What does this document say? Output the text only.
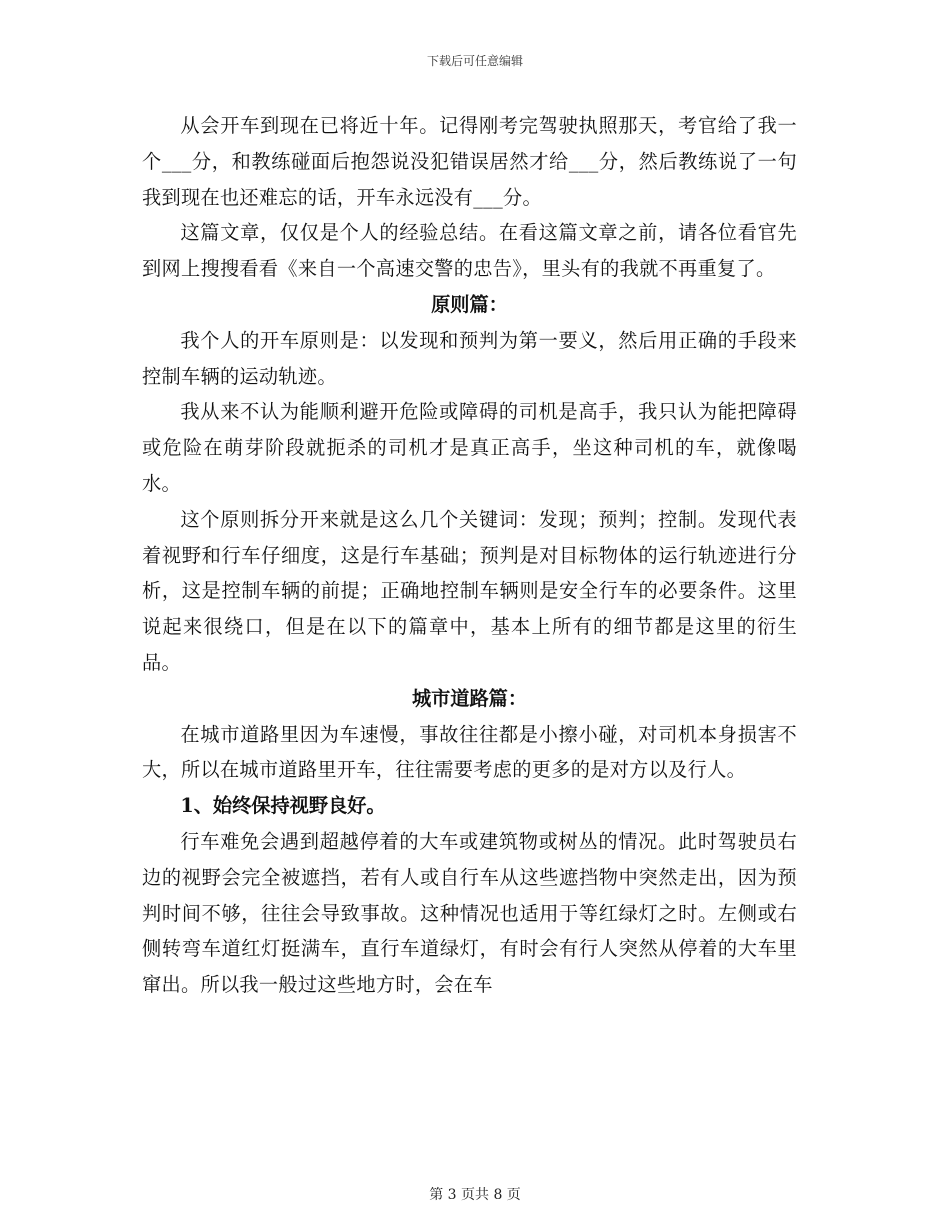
下载后可任意编辑

从会开车到现在已将近十年。记得刚考完驾驶执照那天，考官给了我一个___分，和教练碰面后抱怨说没犯错误居然才给___分，然后教练说了一句我到现在也还难忘的话，开车永远没有___分。

这篇文章，仅仅是个人的经验总结。在看这篇文章之前，请各位看官先到网上搜搜看看《来自一个高速交警的忠告》，里头有的我就不再重复了。

原则篇：

我个人的开车原则是：以发现和预判为第一要义，然后用正确的手段来控制车辆的运动轨迹。

我从来不认为能顺利避开危险或障碍的司机是高手，我只认为能把障碍或危险在萌芽阶段就扼杀的司机才是真正高手，坐这种司机的车，就像喝水。

这个原则拆分开来就是这么几个关键词：发现；预判；控制。发现代表着视野和行车仔细度，这是行车基础；预判是对目标物体的运行轨迹进行分析，这是控制车辆的前提；正确地控制车辆则是安全行车的必要条件。这里说起来很绕口，但是在以下的篇章中，基本上所有的细节都是这里的衍生品。

城市道路篇：

在城市道路里因为车速慢，事故往往都是小擦小碰，对司机本身损害不大，所以在城市道路里开车，往往需要考虑的更多的是对方以及行人。

1、始终保持视野良好。

行车难免会遇到超越停着的大车或建筑物或树丛的情况。此时驾驶员右边的视野会完全被遮挡，若有人或自行车从这些遮挡物中突然走出，因为预判时间不够，往往会导致事故。这种情况也适用于等红绿灯之时。左侧或右侧转弯车道红灯挺满车，直行车道绿灯，有时会有行人突然从停着的大车里窜出。所以我一般过这些地方时，会在车

第 3 页共 8 页
